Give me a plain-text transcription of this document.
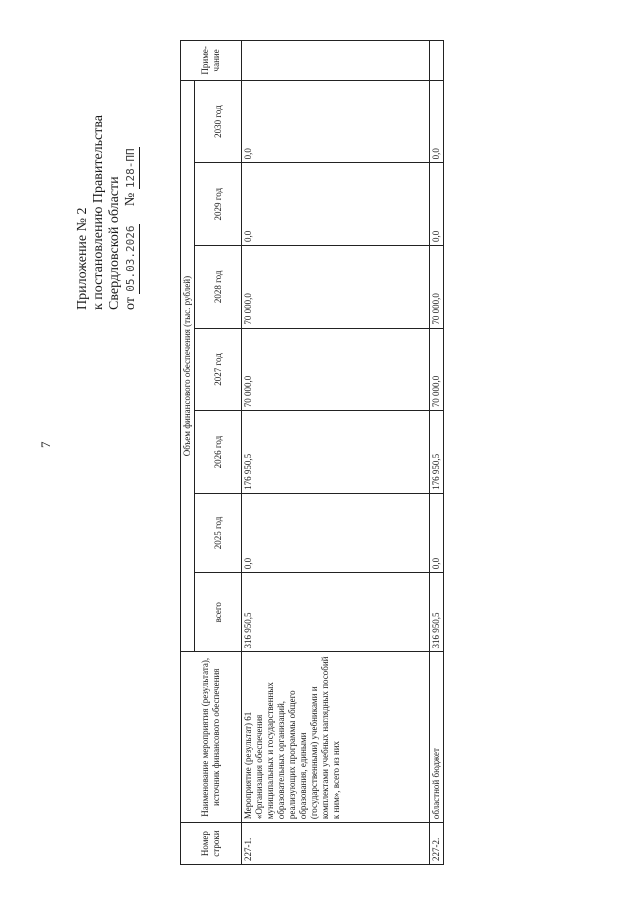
7
Приложение № 2 к постановлению Правительства Свердловской области от 05.03.2026     № 128-ПП
Номер строки	Наименование мероприятия (результата), источник финансового обеспечения	Объем финансового обеспечения (тыс. рублей)							Приме-чание
		всего	2025 год	2026 год	2027 год	2028 год	2029 год	2030 год	
227-1.	Мероприятие (результат) 61 «Организация обеспечения муниципальных и государственных образовательных организаций, реализующих программы общего образования, едиными (государственными) учебниками и комплектами учебных наглядных пособий к ним», всего из них	316 950,5	0,0	176 950,5	70 000,0	70 000,0	0,0	0,0	
227-2.	областной бюджет	316 950,5	0,0	176 950,5	70 000,0	70 000,0	0,0	0,0	
